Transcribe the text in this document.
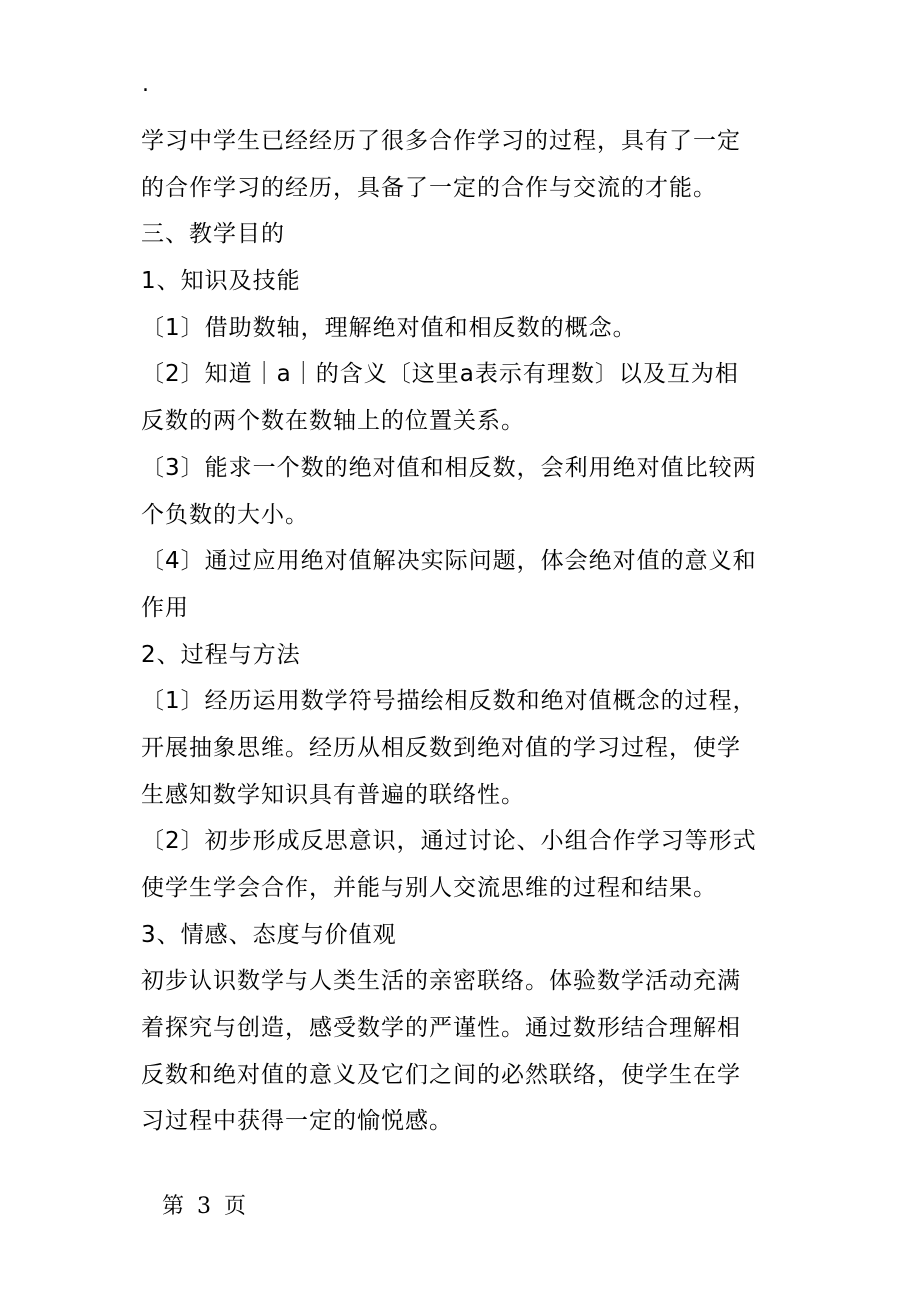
.
学习中学生已经经历了很多合作学习的过程，具有了一定
的合作学习的经历，具备了一定的合作与交流的才能。
三、教学目的
1、知识及技能
〔1〕借助数轴，理解绝对值和相反数的概念。
〔2〕知道｜a｜的含义〔这里a表示有理数〕以及互为相
反数的两个数在数轴上的位置关系。
〔3〕能求一个数的绝对值和相反数，会利用绝对值比较两
个负数的大小。
〔4〕通过应用绝对值解决实际问题，体会绝对值的意义和
作用
2、过程与方法
〔1〕经历运用数学符号描绘相反数和绝对值概念的过程，
开展抽象思维。经历从相反数到绝对值的学习过程，使学
生感知数学知识具有普遍的联络性。
〔2〕初步形成反思意识，通过讨论、小组合作学习等形式
使学生学会合作，并能与别人交流思维的过程和结果。
3、情感、态度与价值观
初步认识数学与人类生活的亲密联络。体验数学活动充满
着探究与创造，感受数学的严谨性。通过数形结合理解相
反数和绝对值的意义及它们之间的必然联络，使学生在学
习过程中获得一定的愉悦感。
第 3 页
